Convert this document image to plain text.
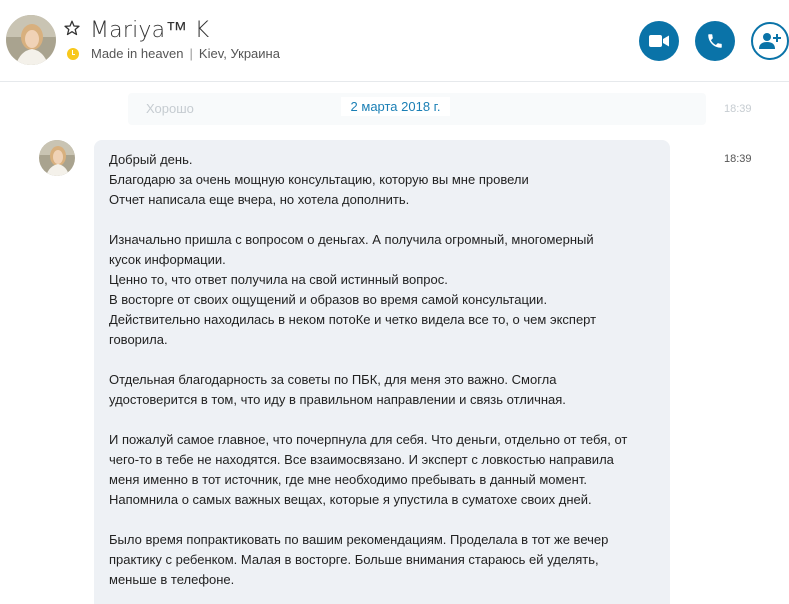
Mariya™ K
Made in heaven | Kiev, Украина
Хорошо	18:39
2 марта 2018 г.
Добрый день.
Благодарю за очень мощную консультацию, которую вы мне провели
Отчет написала еще вчера, но хотела дополнить.
Изначально пришла с вопросом о деньгах. А получила огромный, многомерный
кусок информации.
Ценно то, что ответ получила на свой истинный вопрос.
В восторге от своих ощущений и образов во время самой консультации.
Действительно находилась в неком потоКе и четко видела все то, о чем эксперт
говорила.
Отдельная благодарность за советы по ПБК, для меня это важно. Смогла
удостоверится в том, что иду в правильном направлении и связь отличная.
И пожалуй самое главное, что почерпнула для себя. Что деньги, отдельно от тебя, от
чего-то в тебе не находятся. Все взаимосвязано. И эксперт с ловкостью направила
меня именно в тот источник, где мне необходимо пребывать в данный момент.
Напомнила о самых важных вещах, которые я упустила в суматохе своих дней.
Было время попрактиковать по вашим рекомендациям. Проделала в тот же вечер
практику с ребенком. Малая в восторге. Больше внимания стараюсь ей уделять,
меньше в телефоне.
18:39
